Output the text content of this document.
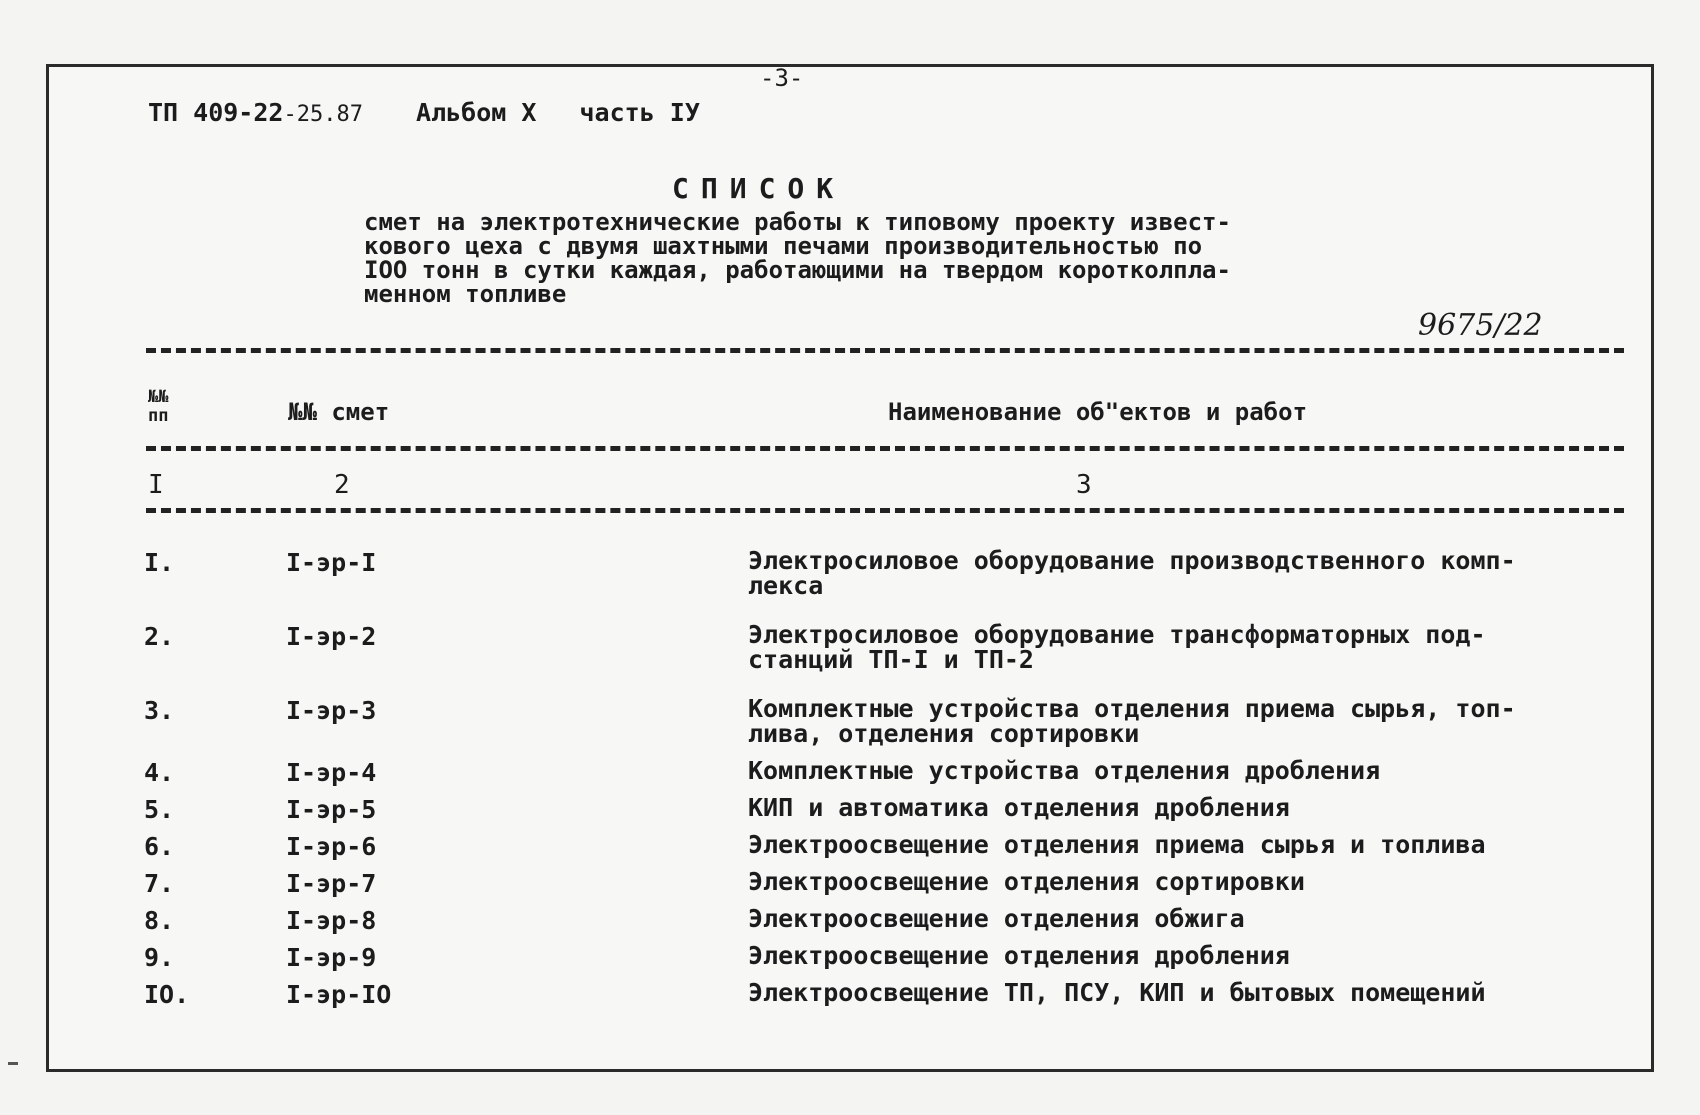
-3-
ТП 409-22-25.87 Альбом X часть IУ
СПИСОК
смет на электротехнические работы к типовому проекту извест-
кового цеха с двумя шахтными печами производительностью по
IOO тонн в сутки каждая, работающими на твердом коротколпла-
менном топливе
9675/22
№№
пп	№№ смет	Наименование об"ектов и работ
I	2	3
I.	I-эр-I	Электросиловое оборудование производственного комп-
лекса
2.	I-эр-2	Электросиловое оборудование трансформаторных под-
станций ТП-I и ТП-2
3.	I-эр-3	Комплектные устройства отделения приема сырья, топ-
лива, отделения сортировки
4.	I-эр-4	Комплектные устройства отделения дробления
5.	I-эр-5	КИП и автоматика отделения дробления
6.	I-эр-6	Электроосвещение отделения приема сырья и топлива
7.	I-эр-7	Электроосвещение отделения сортировки
8.	I-эр-8	Электроосвещение отделения обжига
9.	I-эр-9	Электроосвещение отделения дробления
IO.	I-эр-IO	Электроосвещение ТП, ПСУ, КИП и бытовых помещений
